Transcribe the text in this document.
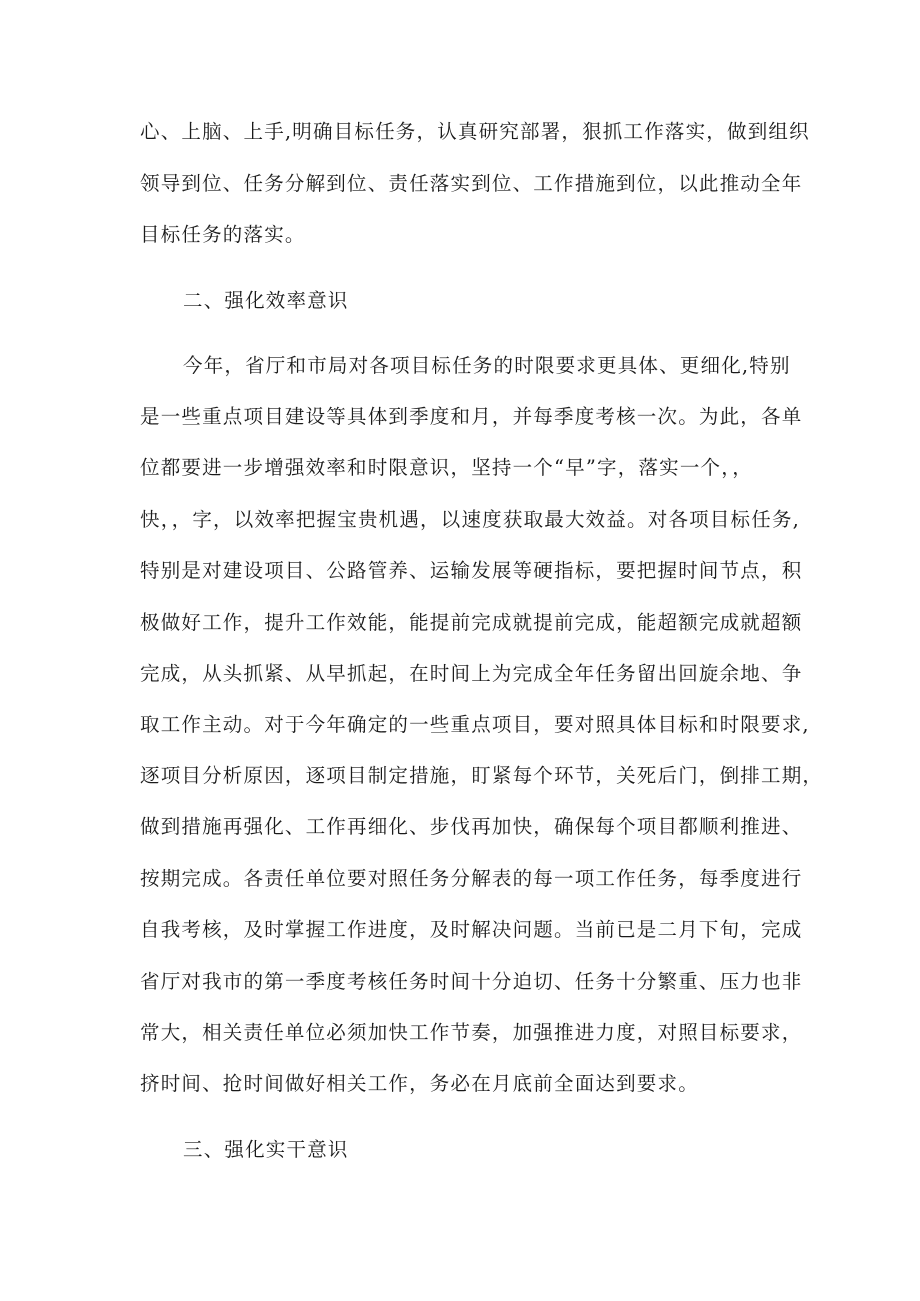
心、上脑、上手,明确目标任务，认真研究部署，狠抓工作落实，做到组织
领导到位、任务分解到位、责任落实到位、工作措施到位，以此推动全年
目标任务的落实。
二、强化效率意识
今年，省厅和市局对各项目标任务的时限要求更具体、更细化,特别
是一些重点项目建设等具体到季度和月，并每季度考核一次。为此，各单
位都要进一步增强效率和时限意识，坚持一个“早”字，落实一个，，
快，，字，以效率把握宝贵机遇，以速度获取最大效益。对各项目标任务,
特别是对建设项目、公路管养、运输发展等硬指标，要把握时间节点，积
极做好工作，提升工作效能，能提前完成就提前完成，能超额完成就超额
完成，从头抓紧、从早抓起，在时间上为完成全年任务留出回旋余地、争
取工作主动。对于今年确定的一些重点项目，要对照具体目标和时限要求,
逐项目分析原因，逐项目制定措施，盯紧每个环节，关死后门，倒排工期，
做到措施再强化、工作再细化、步伐再加快，确保每个项目都顺利推进、
按期完成。各责任单位要对照任务分解表的每一项工作任务，每季度进行
自我考核，及时掌握工作进度，及时解决问题。当前已是二月下旬，完成
省厅对我市的第一季度考核任务时间十分迫切、任务十分繁重、压力也非
常大，相关责任单位必须加快工作节奏，加强推进力度，对照目标要求，
挤时间、抢时间做好相关工作，务必在月底前全面达到要求。
三、强化实干意识
